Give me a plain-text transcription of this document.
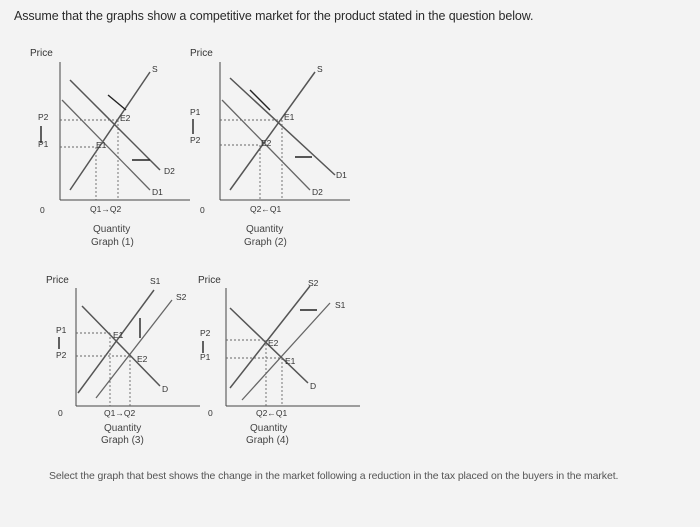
Assume that the graphs show a competitive market for the product stated in the question below.
Price
0
S
D2
D1
E1
E2
P2
P1
Q1→Q2
Quantity
Graph (1)
Price
0
S
D1
D2
E1
E2
P1
P2
Q2←Q1
Quantity
Graph (2)
Price
0
S1
S2
D
E1
E2
P1
P2
Q1→Q2
Quantity
Graph (3)
Price
0
S2
S1
D
E2
E1
P2
P1
Q2←Q1
Quantity
Graph (4)
Select the graph that best shows the change in the market following a reduction in the tax placed on the buyers in the market.
